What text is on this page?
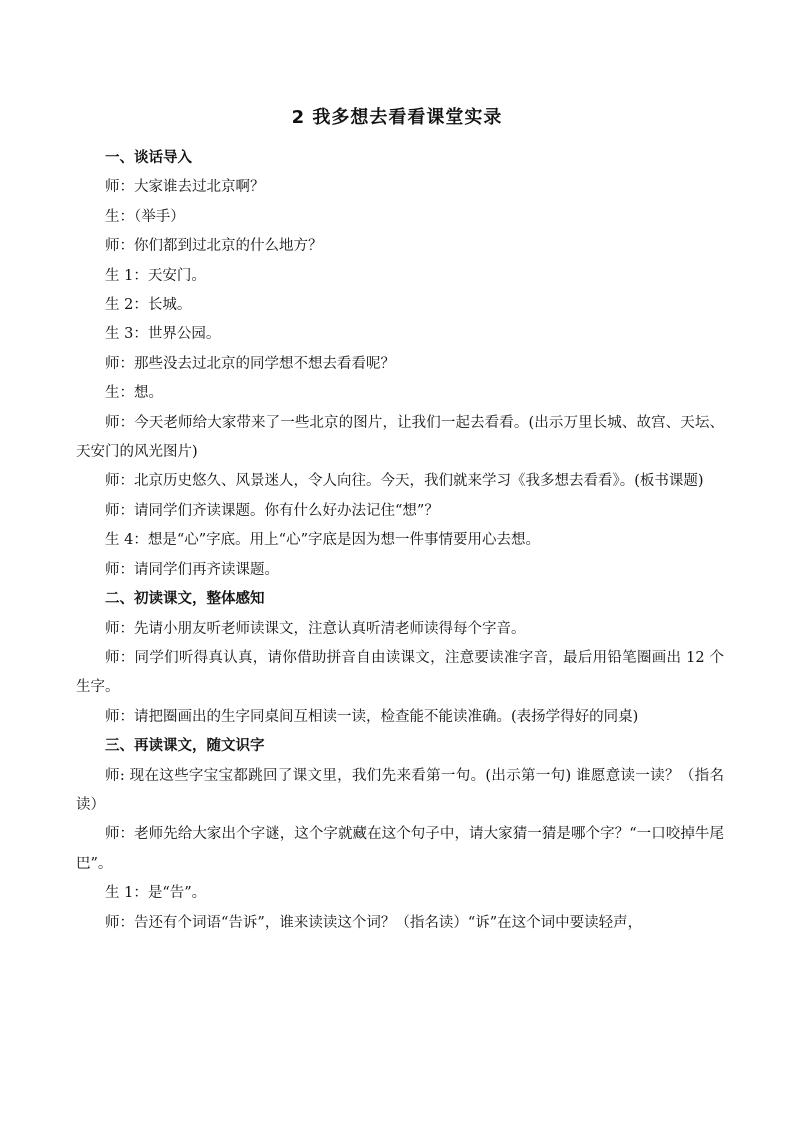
2 我多想去看看课堂实录

一、谈话导入

师：大家谁去过北京啊？

生：（举手）

师：你们都到过北京的什么地方？

生 1：天安门。

生 2：长城。

生 3：世界公园。

师：那些没去过北京的同学想不想去看看呢？

生：想。

师：今天老师给大家带来了一些北京的图片，让我们一起去看看。(出示万里长城、故宫、天坛、天安门的风光图片)

师：北京历史悠久、风景迷人，令人向往。今天，我们就来学习《我多想去看看》。(板书课题)

师：请同学们齐读课题。你有什么好办法记住“想”？

生 4：想是“心”字底。用上“心”字底是因为想一件事情要用心去想。

师：请同学们再齐读课题。

二、初读课文，整体感知

师：先请小朋友听老师读课文，注意认真听清老师读得每个字音。

师：同学们听得真认真，请你借助拼音自由读课文，注意要读准字音，最后用铅笔圈画出 12 个生字。

师：请把圈画出的生字同桌间互相读一读，检查能不能读准确。(表扬学得好的同桌)

三、再读课文，随文识字

师: 现在这些字宝宝都跳回了课文里，我们先来看第一句。(出示第一句) 谁愿意读一读？（指名读）

师：老师先给大家出个字谜，这个字就藏在这个句子中，请大家猜一猜是哪个字？“一口咬掉牛尾巴”。

生 1：是“告”。

师：告还有个词语“告诉”，谁来读读这个词？（指名读）“诉”在这个词中要读轻声，
